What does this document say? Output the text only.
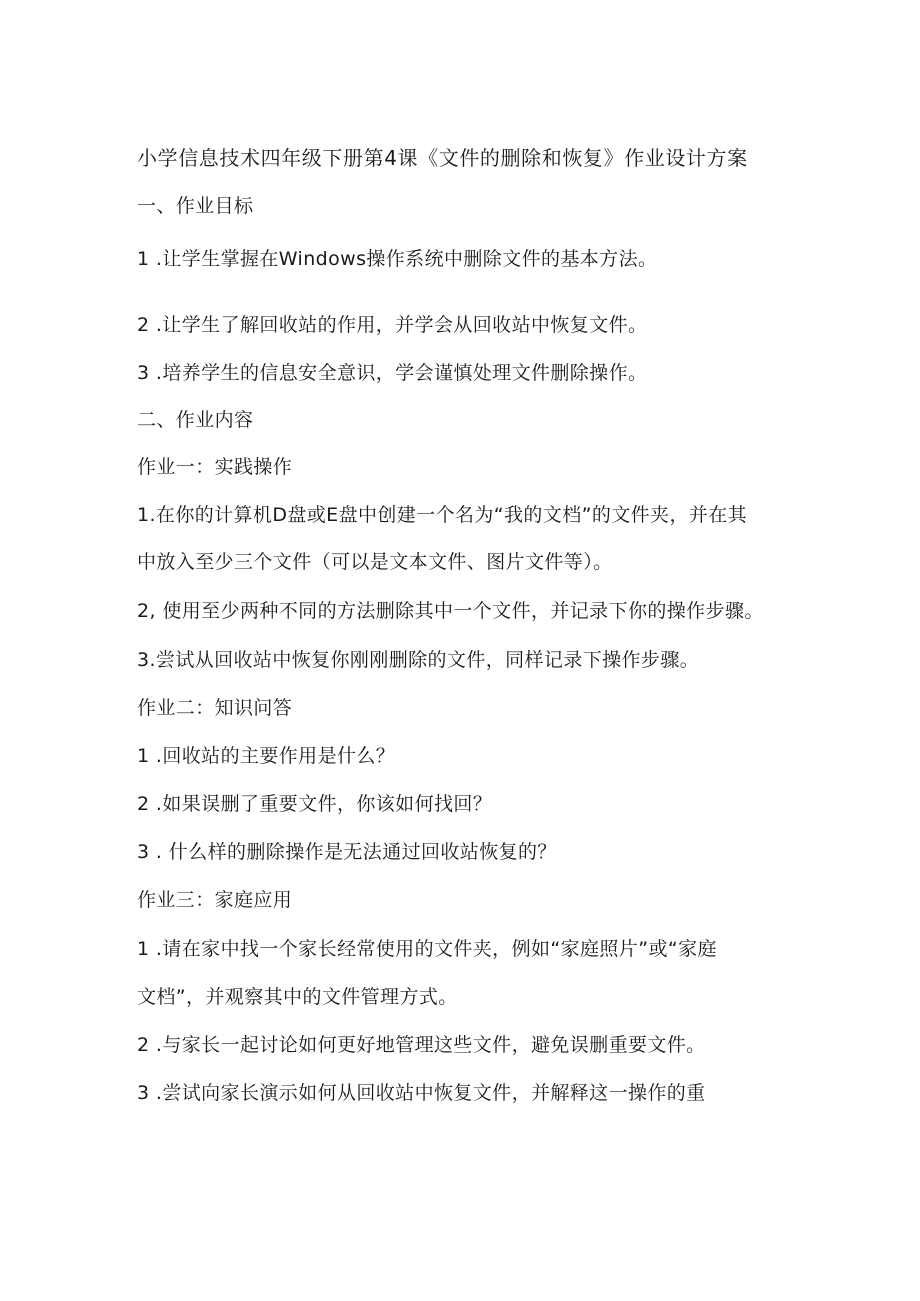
小学信息技术四年级下册第4课《文件的删除和恢复》作业设计方案
一、作业目标
1 .让学生掌握在Windows操作系统中删除文件的基本方法。
2 .让学生了解回收站的作用，并学会从回收站中恢复文件。
3 .培养学生的信息安全意识，学会谨慎处理文件删除操作。
二、作业内容
作业一：实践操作
1.在你的计算机D盘或E盘中创建一个名为“我的文档”的文件夹，并在其
中放入至少三个文件（可以是文本文件、图片文件等）。
2, 使用至少两种不同的方法删除其中一个文件，并记录下你的操作步骤。
3.尝试从回收站中恢复你刚刚删除的文件，同样记录下操作步骤。
作业二：知识问答
1 .回收站的主要作用是什么？
2 .如果误删了重要文件，你该如何找回？
3 . 什么样的删除操作是无法通过回收站恢复的？
作业三：家庭应用
1 .请在家中找一个家长经常使用的文件夹，例如“家庭照片”或“家庭
文档”，并观察其中的文件管理方式。
2 .与家长一起讨论如何更好地管理这些文件，避免误删重要文件。
3 .尝试向家长演示如何从回收站中恢复文件，并解释这一操作的重
